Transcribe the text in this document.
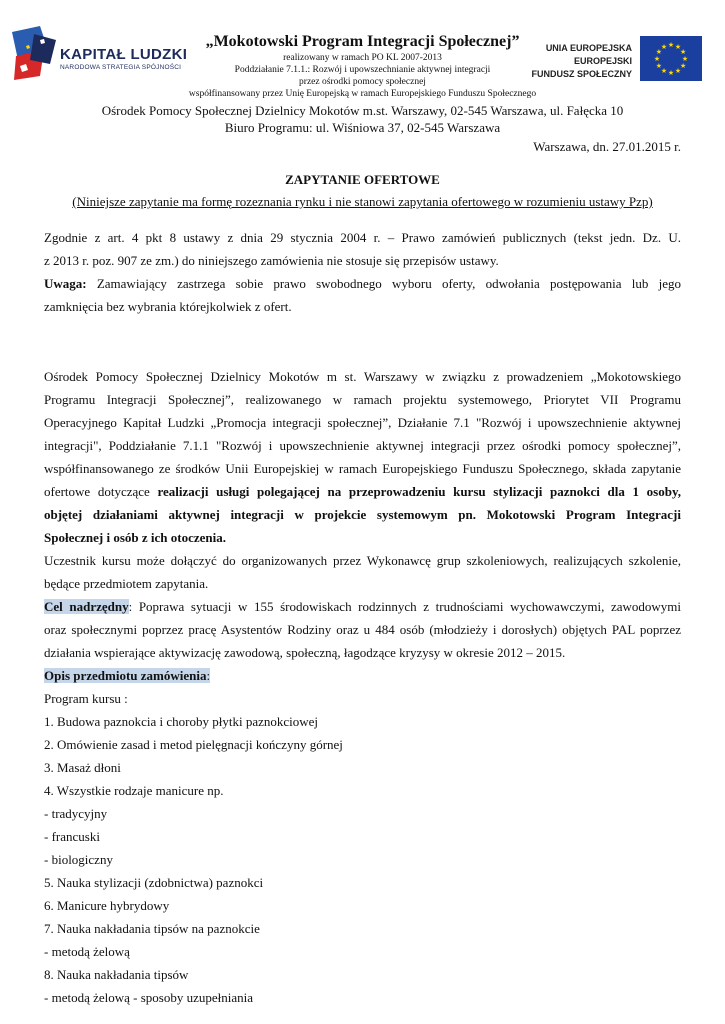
KAPITAŁ LUDZKI
NARODOWA STRATEGIA SPÓJNOŚCI
„Mokotowski Program Integracji Społecznej”
realizowany w ramach PO KL 2007-2013
Poddziałanie 7.1.1.: Rozwój i upowszechnianie aktywnej integracji
przez ośrodki pomocy społecznej
współfinansowany przez Unię Europejską w ramach Europejskiego Funduszu Społecznego
UNIA EUROPEJSKA
EUROPEJSKI
FUNDUSZ SPOŁECZNY
★
★
★
★
★
★
★
★
★ ★ ★
★
Ośrodek Pomocy Społecznej Dzielnicy Mokotów m.st. Warszawy, 02-545 Warszawa, ul. Fałęcka 10
Biuro Programu: ul. Wiśniowa 37, 02-545 Warszawa
Warszawa, dn. 27.01.2015 r.
ZAPYTANIE OFERTOWE
(Niniejsze zapytanie ma formę rozeznania rynku i nie stanowi zapytania ofertowego w rozumieniu ustawy Pzp)

Zgodnie z art. 4 pkt 8 ustawy z dnia 29 stycznia 2004 r. – Prawo zamówień publicznych (tekst jedn. Dz. U.
z 2013 r. poz. 907 ze zm.) do niniejszego zamówienia nie stosuje się przepisów ustawy.

Uwaga: Zamawiający zastrzega sobie prawo swobodnego wyboru oferty, odwołania postępowania lub jego
zamknięcia bez wybrania którejkolwiek z ofert.

Ośrodek Pomocy Społecznej Dzielnicy Mokotów m st. Warszawy w związku z prowadzeniem „Mokotowskiego
Programu Integracji Społecznej”, realizowanego w ramach projektu systemowego, Priorytet VII Programu
Operacyjnego Kapitał Ludzki „Promocja integracji społecznej”, Działanie 7.1 "Rozwój i upowszechnienie aktywnej
integracji", Poddziałanie 7.1.1 "Rozwój i upowszechnienie aktywnej integracji przez ośrodki pomocy społecznej”,
współfinansowanego ze środków Unii Europejskiej w ramach Europejskiego Funduszu Społecznego, składa zapytanie
ofertowe dotyczące realizacji usługi polegającej na przeprowadzeniu kursu stylizacji paznokci dla 1 osoby,
objętej działaniami aktywnej integracji w projekcie systemowym pn. Mokotowski Program Integracji
Społecznej i osób z ich otoczenia.

Uczestnik kursu może dołączyć do organizowanych przez Wykonawcę grup szkoleniowych, realizujących szkolenie,
będące przedmiotem zapytania.

Cel nadrzędny: Poprawa sytuacji w 155 środowiskach rodzinnych z trudnościami wychowawczymi, zawodowymi
oraz społecznymi poprzez pracę Asystentów Rodziny oraz u 484 osób (młodzieży i dorosłych) objętych PAL poprzez
działania wspierające aktywizację zawodową, społeczną, łagodzące kryzysy w okresie 2012 – 2015.

Opis przedmiotu zamówienia:

Program kursu :

1. Budowa paznokcia i choroby płytki paznokciowej
2. Omówienie zasad i metod pielęgnacji kończyny górnej
3. Masaż dłoni
4. Wszystkie rodzaje manicure np.
- tradycyjny
- francuski
- biologiczny
5. Nauka stylizacji (zdobnictwa) paznokci
6. Manicure hybrydowy
7. Nauka nakładania tipsów na paznokcie
- metodą żelową
8. Nauka nakładania tipsów
- metodą żelową - sposoby uzupełniania
